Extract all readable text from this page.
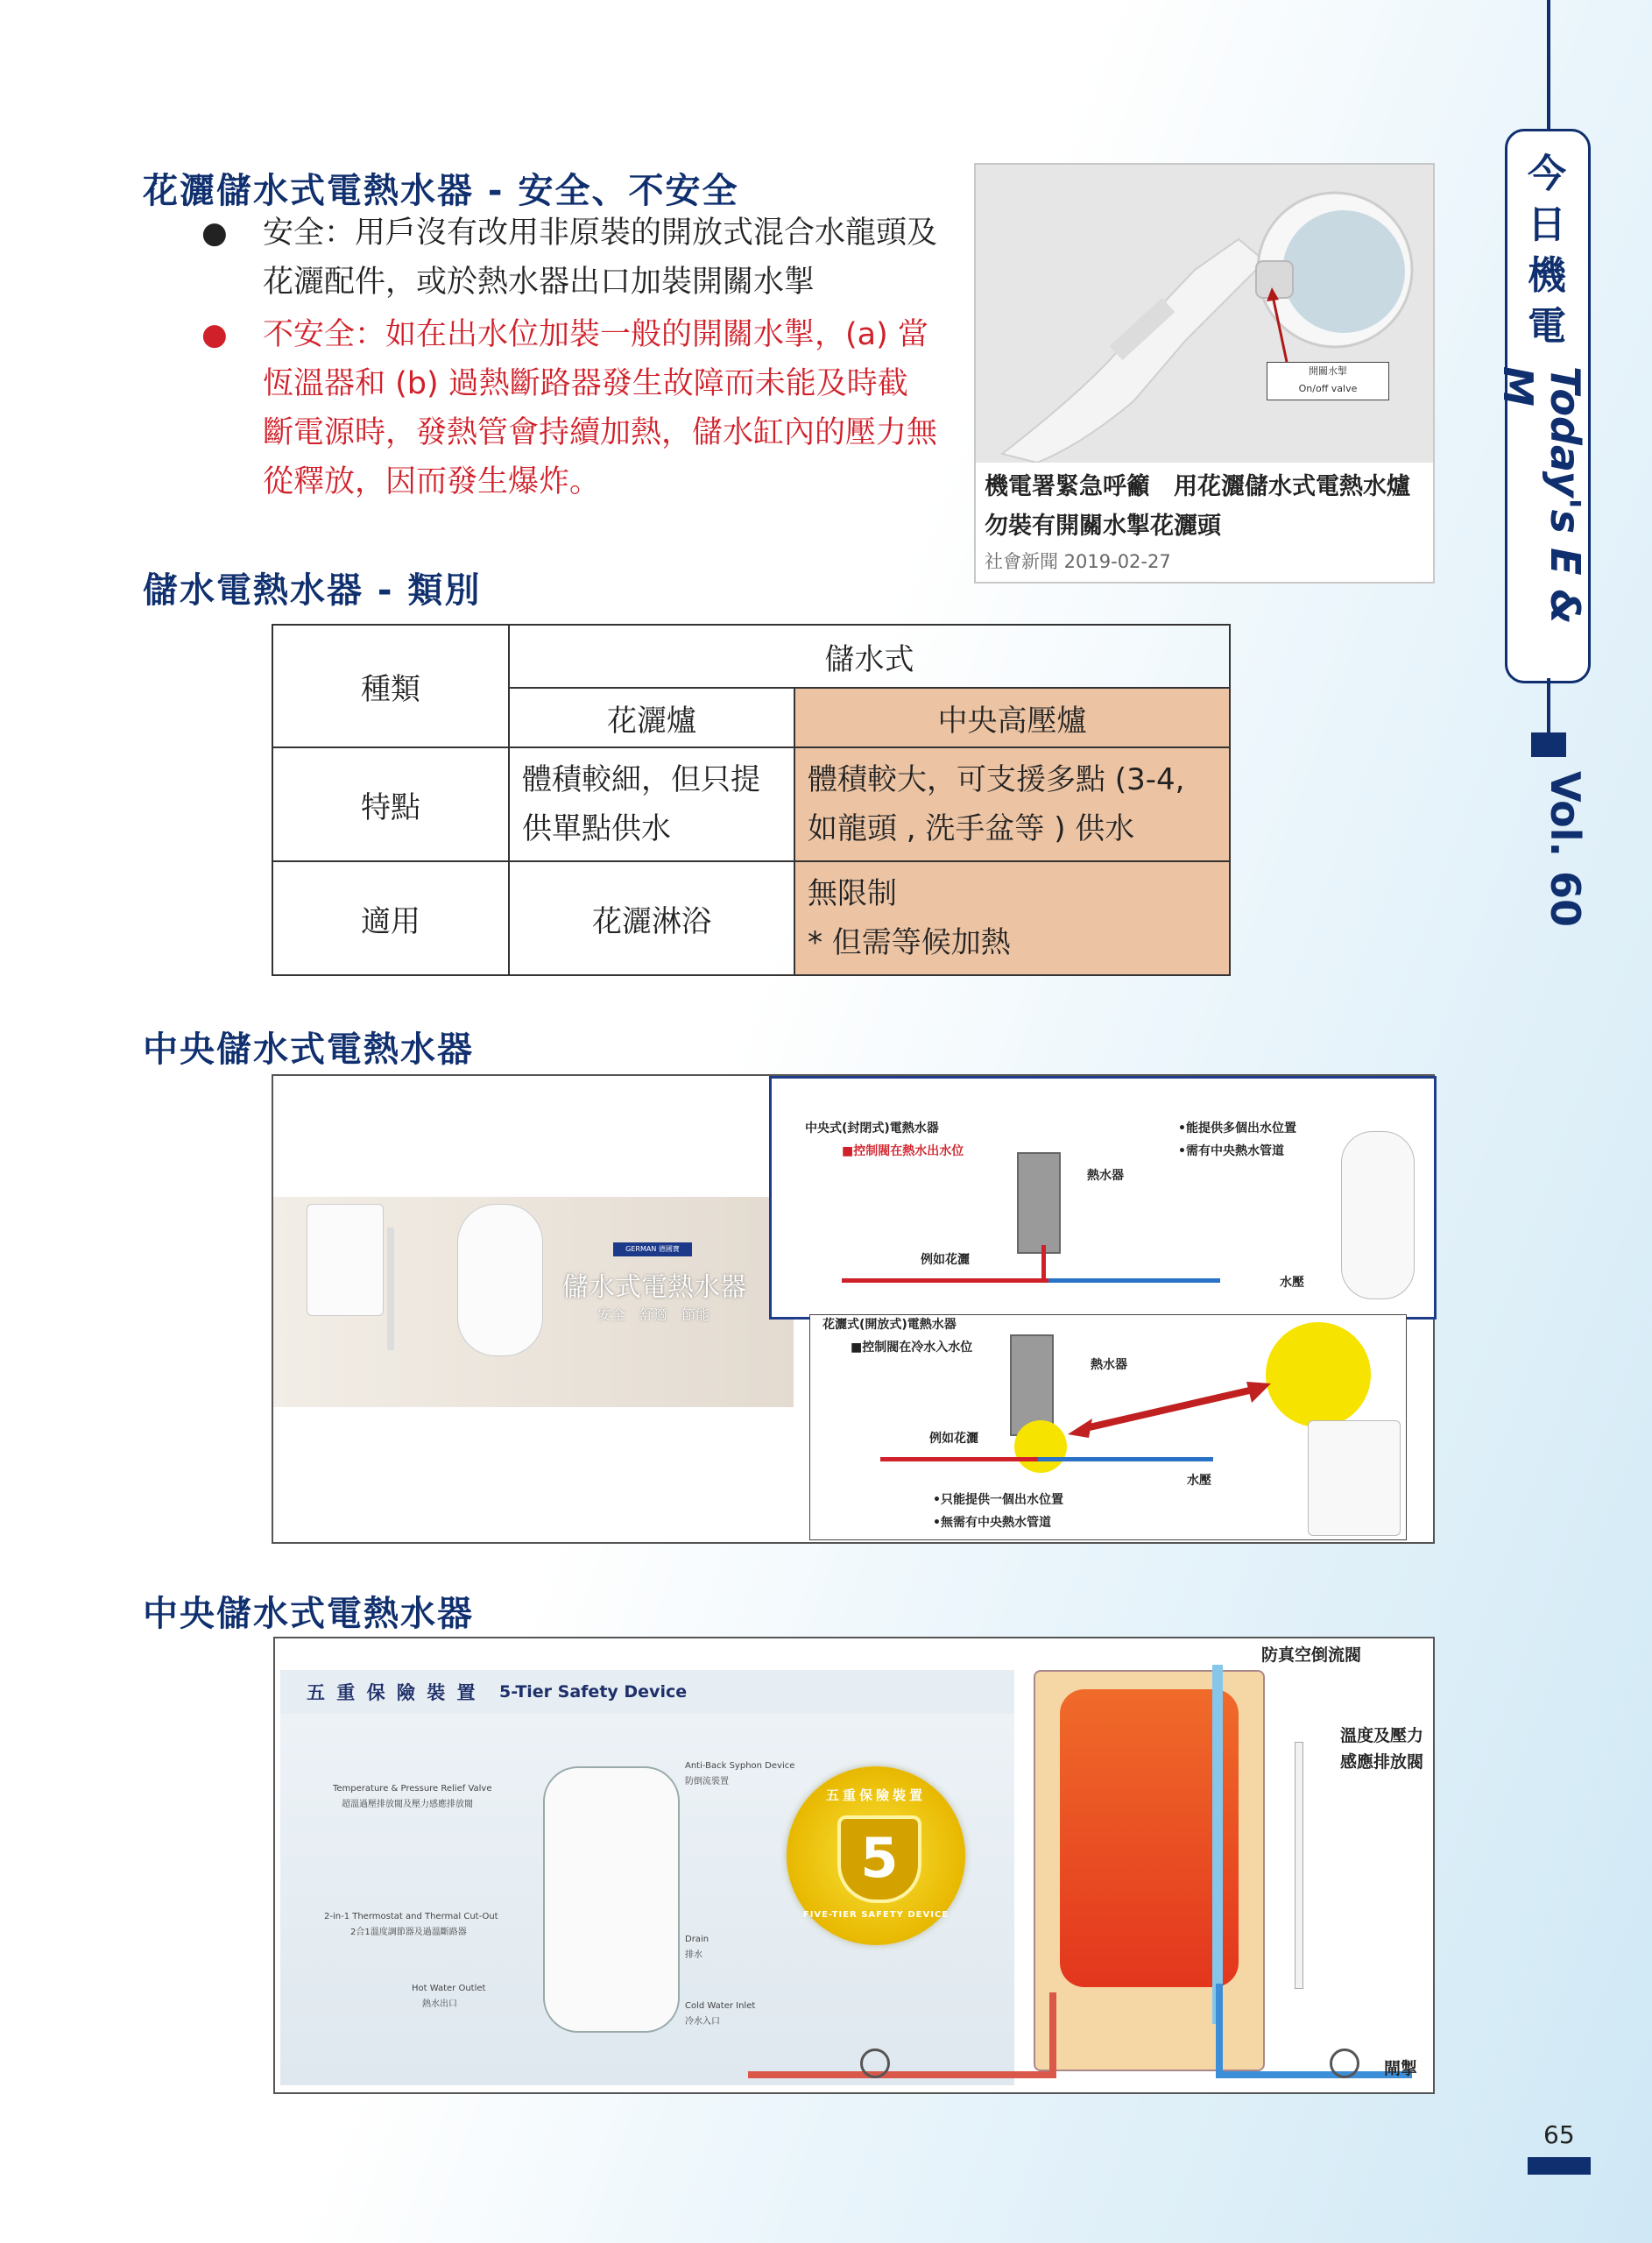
花灑儲水式電熱水器 - 安全、不安全
● 安全：用戶沒有改用非原裝的開放式混合水龍頭及花灑配件，或於熱水器出口加裝開關水掣
● 不安全：如在出水位加裝一般的開關水掣，(a) 當恆溫器和 (b) 過熱斷路器發生故障而未能及時截斷電源時，發熱管會持續加熱，儲水缸內的壓力無從釋放，因而發生爆炸。
開關水掣
On/off valve
機電署緊急呼籲　用花灑儲水式電熱水爐勿裝有開關水掣花灑頭
社會新聞 2019-02-27
儲水電熱水器 - 類別
種類	儲水式	
	花灑爐	中央高壓爐
特點	體積較細，但只提供單點供水	體積較大，可支援多點 (3-4, 如龍頭 , 洗手盆等 ) 供水
適用	花灑淋浴	無限制
* 但需等候加熱
中央儲水式電熱水器
GERMAN 德國寶
儲水式電熱水器
安全　舒適　節能
中央式(封閉式)電熱水器
■控制閥在熱水出水位
熱水器
例如花灑
水壓
•能提供多個出水位置
•需有中央熱水管道
花灑式(開放式)電熱水器
■控制閥在冷水入水位
熱水器
例如花灑
水壓
•只能提供一個出水位置
•無需有中央熱水管道
中央儲水式電熱水器
五 重 保 險 裝 置 5-Tier Safety Device
Temperature & Pressure Relief Valve
超溫過壓排放閥及壓力感應排放閥
2-in-1 Thermostat and Thermal Cut-Out
2合1溫度調節器及過溫斷路器
Hot Water Outlet
熱水出口
Anti-Back Syphon Device
防倒流裝置
Drain
排水
Cold Water Inlet
冷水入口
5
五重保險裝置
FIVE-TIER SAFETY DEVICE
防真空倒流閥
溫度及壓力
感應排放閥
閘掣
今
日
機
電
Today's E & M
Vol. 60
65
